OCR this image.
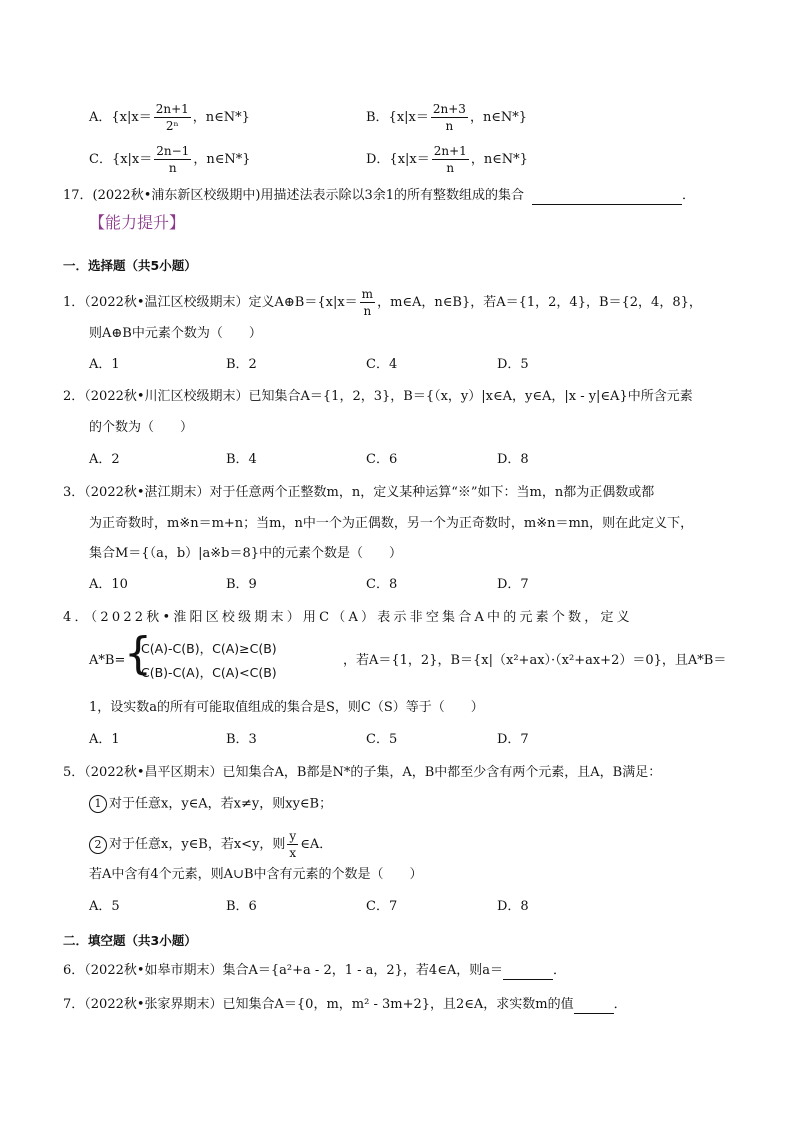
A．{$x|x= \frac{2n+1}{\text{2ⁿ}}$ ，n∈N*}	B．{$x|x= \frac{2n+3}{n}$ ，n∈N*}
C．{$x|x= \frac{2n-1}{n}$ ，n∈N*}	D．{$x|x= \frac{2n+1}{n}$ ，n∈N*}
17．(2022秋•浦东新区校级期中)用描述法表示除以3余1的所有整数组成的集合	．
【能力提升】
一．选择题（共5小题）
1．（2022秋•温江区校级期末）定义A⊕B＝{x|x＝ $\frac{m}{n}$ ，m∈A，n∈B}，若A＝{1，2，4}，B＝{2，4，8}，
则A⊕B中元素个数为（　　）
A．1	B．2	C．4	D．5
2．（2022秋•川汇区校级期末）已知集合A＝{1，2，3}，B＝{（x，y）|x∈A，y∈A，|x - y|∈A}中所含元素
的个数为（　　）
A．2	B．4	C．6	D．8
3．（2022秋•湛江期末）对于任意两个正整数m，n，定义某种运算“※”如下：当m，n都为正偶数或都
为正奇数时，m※n＝m+n；当m，n中一个为正偶数，另一个为正奇数时，m※n＝mn，则在此定义下，
集合M＝{（a，b）|a※b＝8}中的元素个数是（　　）
A．10	B．9	C．8	D．7
4．（2022秋•淮阳区校级期末）用C（A）表示非空集合A中的元素个数，定义
A*B=
{
C(A)-C(B)，C(A)≥C(B)
C(B)-C(A)，C(A)<C(B)
，若A＝{1，2}，B＝{x|（x²+ax）·（x²+ax+2）＝0}，且A*B＝
1，设实数a的所有可能取值组成的集合是S，则C（S）等于（　　）
A．1	B．3	C．5	D．7
5．（2022秋•昌平区期末）已知集合A，B都是N*的子集，A，B中都至少含有两个元素，且A，B满足：
1 对于任意x，y∈A，若x≠y，则xy∈B；
2 对于任意x，y∈B，若x<y，则 $\frac{y}{x}$ ∈A．
若A中含有4个元素，则A∪B中含有元素的个数是（　　）
A．5	B．6	C．7	D．8
二．填空题（共3小题）
6．（2022秋•如皋市期末）集合A＝{a²+a - 2，1 - a，2}，若4∈A，则a＝	．
7．（2022秋•张家界期末）已知集合A＝{0，m，m² - 3m+2}，且2∈A，求实数m的值	．
